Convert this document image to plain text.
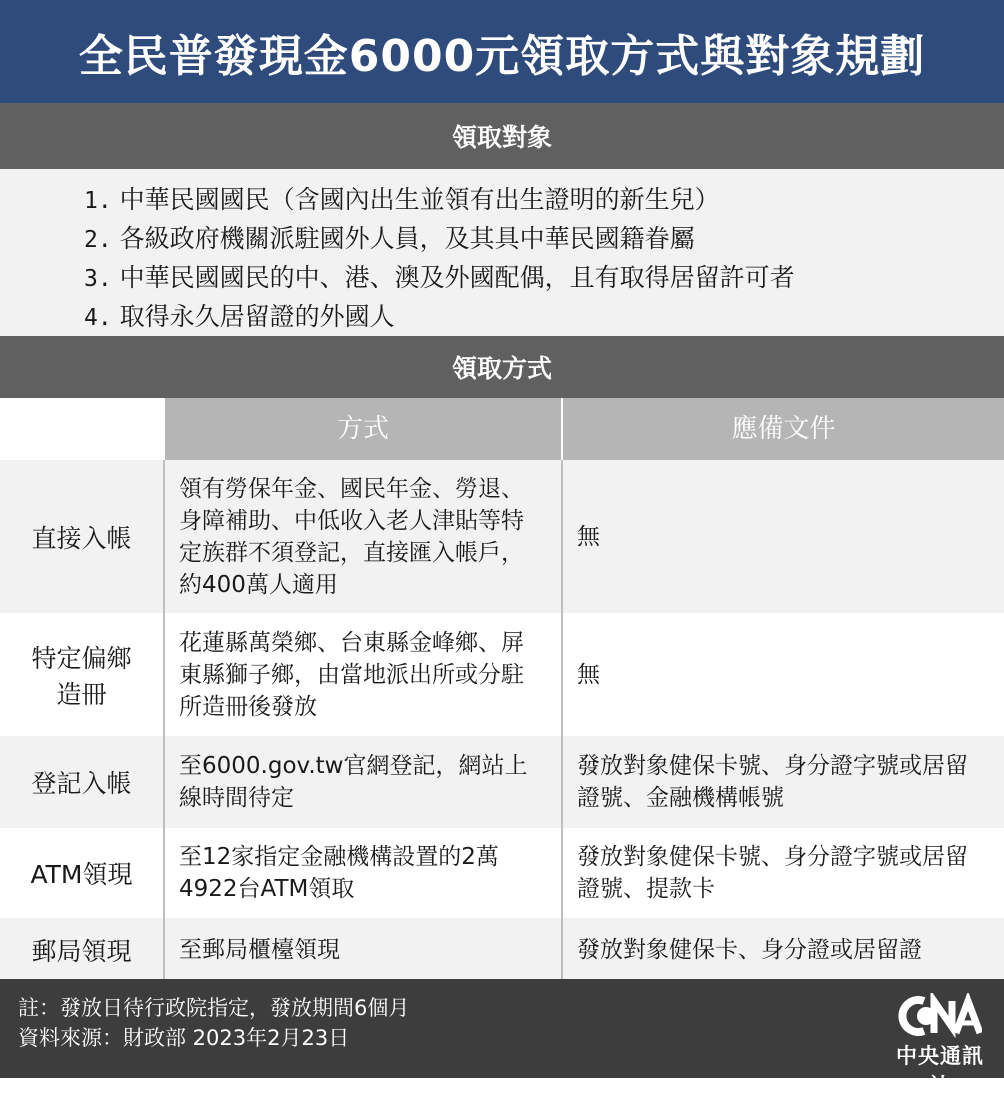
全民普發現金6000元領取方式與對象規劃
領取對象
1. 中華民國國民（含國內出生並領有出生證明的新生兒）
2. 各級政府機關派駐國外人員，及其具中華民國籍眷屬
3. 中華民國國民的中、港、澳及外國配偶，且有取得居留許可者
4. 取得永久居留證的外國人
領取方式
	方式	應備文件
直接入帳	領有勞保年金、國民年金、勞退、身障補助、中低收入老人津貼等特定族群不須登記，直接匯入帳戶，約400萬人適用	無

特定偏鄉造冊	花蓮縣萬榮鄉、台東縣金峰鄉、屏東縣獅子鄉，由當地派出所或分駐所造冊後發放	無
登記入帳	至6000.gov.tw官網登記，網站上線時間待定	發放對象健保卡號、身分證字號或居留證號、金融機構帳號

ATM領現	至12家指定金融機構設置的2萬4922台ATM領取	發放對象健保卡號、身分證字號或居留證號、提款卡

郵局領現	至郵局櫃檯領現	發放對象健保卡、身分證或居留證
註：發放日待行政院指定，發放期間6個月
資料來源：財政部 2023年2月23日
中央通訊社
